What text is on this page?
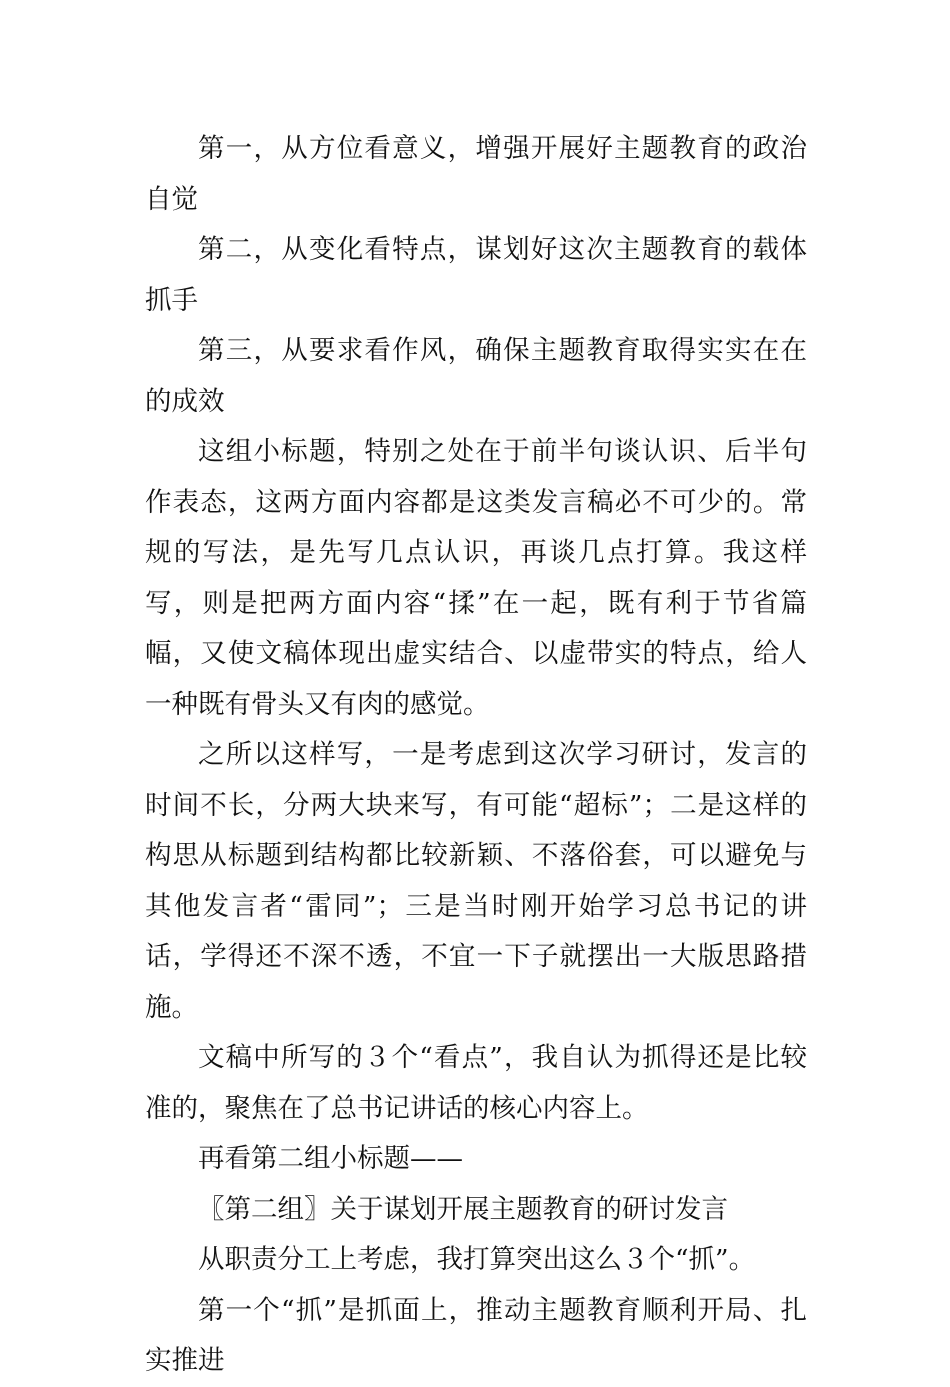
第一，从方位看意义，增强开展好主题教育的政治自觉

第二，从变化看特点，谋划好这次主题教育的载体抓手

第三，从要求看作风，确保主题教育取得实实在在的成效

这组小标题，特别之处在于前半句谈认识、后半句作表态，这两方面内容都是这类发言稿必不可少的。常规的写法，是先写几点认识，再谈几点打算。我这样写，则是把两方面内容“揉”在一起，既有利于节省篇幅，又使文稿体现出虚实结合、以虚带实的特点，给人一种既有骨头又有肉的感觉。

之所以这样写，一是考虑到这次学习研讨，发言的时间不长，分两大块来写，有可能“超标”；二是这样的构思从标题到结构都比较新颖、不落俗套，可以避免与其他发言者“雷同”；三是当时刚开始学习总书记的讲话，学得还不深不透，不宜一下子就摆出一大版思路措施。

文稿中所写的３个“看点”，我自认为抓得还是比较准的，聚焦在了总书记讲话的核心内容上。

再看第二组小标题——

〖第二组〗关于谋划开展主题教育的研讨发言

从职责分工上考虑，我打算突出这么３个“抓”。

第一个“抓”是抓面上，推动主题教育顺利开局、扎实推进
